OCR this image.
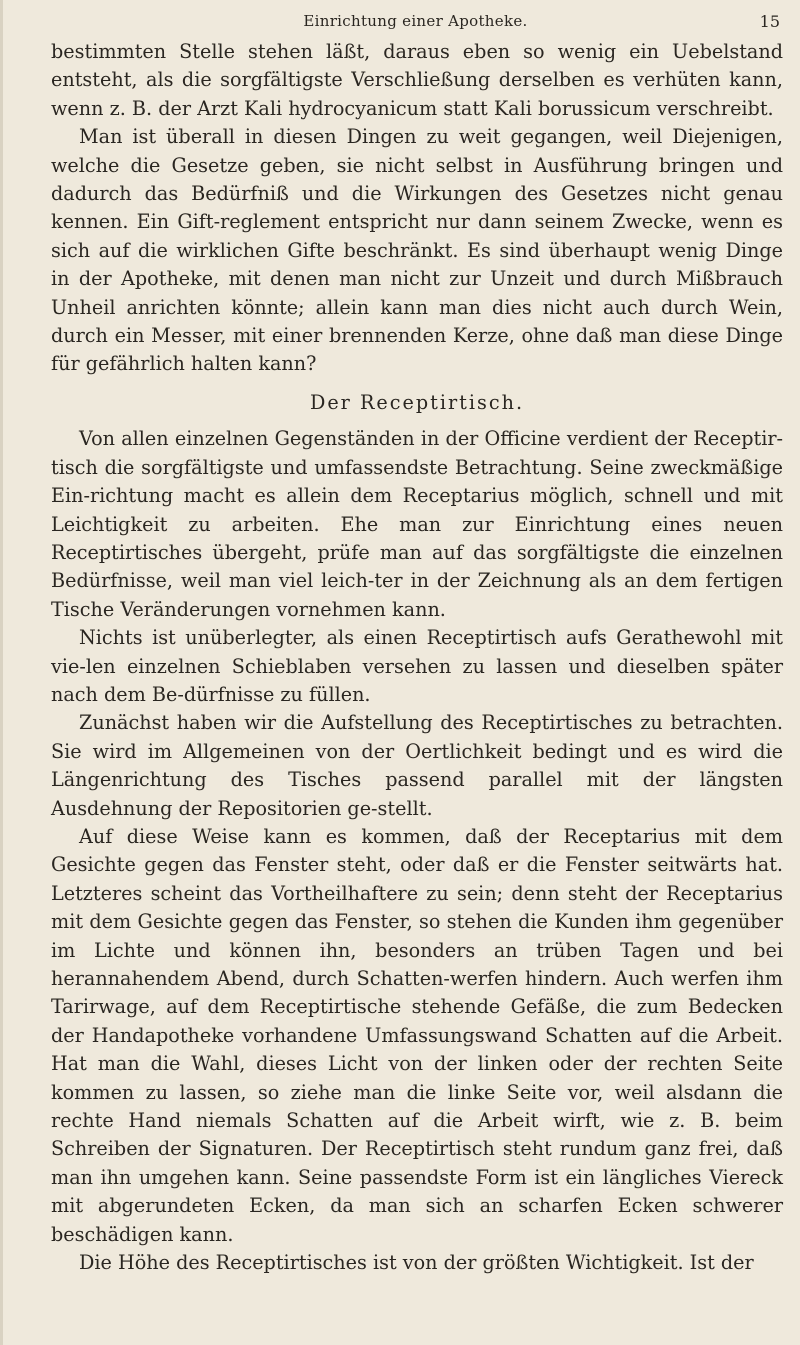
Einrichtung einer Apotheke.	15

bestimmten Stelle stehen läßt, daraus eben so wenig ein Uebelstand entsteht, als die sorgfältigste Verschließung derselben es verhüten kann, wenn z. B. der Arzt Kali hydrocyanicum statt Kali borussicum verschreibt.

Man ist überall in diesen Dingen zu weit gegangen, weil Diejenigen, welche die Gesetze geben, sie nicht selbst in Ausführung bringen und dadurch das Bedürfniß und die Wirkungen des Gesetzes nicht genau kennen. Ein Gift-reglement entspricht nur dann seinem Zwecke, wenn es sich auf die wirklichen Gifte beschränkt. Es sind überhaupt wenig Dinge in der Apotheke, mit denen man nicht zur Unzeit und durch Mißbrauch Unheil anrichten könnte; allein kann man dies nicht auch durch Wein, durch ein Messer, mit einer brennenden Kerze, ohne daß man diese Dinge für gefährlich halten kann?

Der Receptirtisch.

Von allen einzelnen Gegenständen in der Officine verdient der Receptir-tisch die sorgfältigste und umfassendste Betrachtung. Seine zweckmäßige Ein-richtung macht es allein dem Receptarius möglich, schnell und mit Leichtigkeit zu arbeiten. Ehe man zur Einrichtung eines neuen Receptirtisches übergeht, prüfe man auf das sorgfältigste die einzelnen Bedürfnisse, weil man viel leich-ter in der Zeichnung als an dem fertigen Tische Veränderungen vornehmen kann.

Nichts ist unüberlegter, als einen Receptirtisch aufs Gerathewohl mit vie-len einzelnen Schieblaben versehen zu lassen und dieselben später nach dem Be-dürfnisse zu füllen.

Zunächst haben wir die Aufstellung des Receptirtisches zu betrachten. Sie wird im Allgemeinen von der Oertlichkeit bedingt und es wird die Längenrichtung des Tisches passend parallel mit der längsten Ausdehnung der Repositorien ge-stellt.

Auf diese Weise kann es kommen, daß der Receptarius mit dem Gesichte gegen das Fenster steht, oder daß er die Fenster seitwärts hat. Letzteres scheint das Vortheilhaftere zu sein; denn steht der Receptarius mit dem Gesichte gegen das Fenster, so stehen die Kunden ihm gegenüber im Lichte und können ihn, besonders an trüben Tagen und bei herannahendem Abend, durch Schatten-werfen hindern. Auch werfen ihm Tarirwage, auf dem Receptirtische stehende Gefäße, die zum Bedecken der Handapotheke vorhandene Umfassungswand Schatten auf die Arbeit. Hat man die Wahl, dieses Licht von der linken oder der rechten Seite kommen zu lassen, so ziehe man die linke Seite vor, weil alsdann die rechte Hand niemals Schatten auf die Arbeit wirft, wie z. B. beim Schreiben der Signaturen. Der Receptirtisch steht rundum ganz frei, daß man ihn umgehen kann. Seine passendste Form ist ein längliches Viereck mit abgerundeten Ecken, da man sich an scharfen Ecken schwerer beschädigen kann.

Die Höhe des Receptirtisches ist von der größten Wichtigkeit. Ist der
